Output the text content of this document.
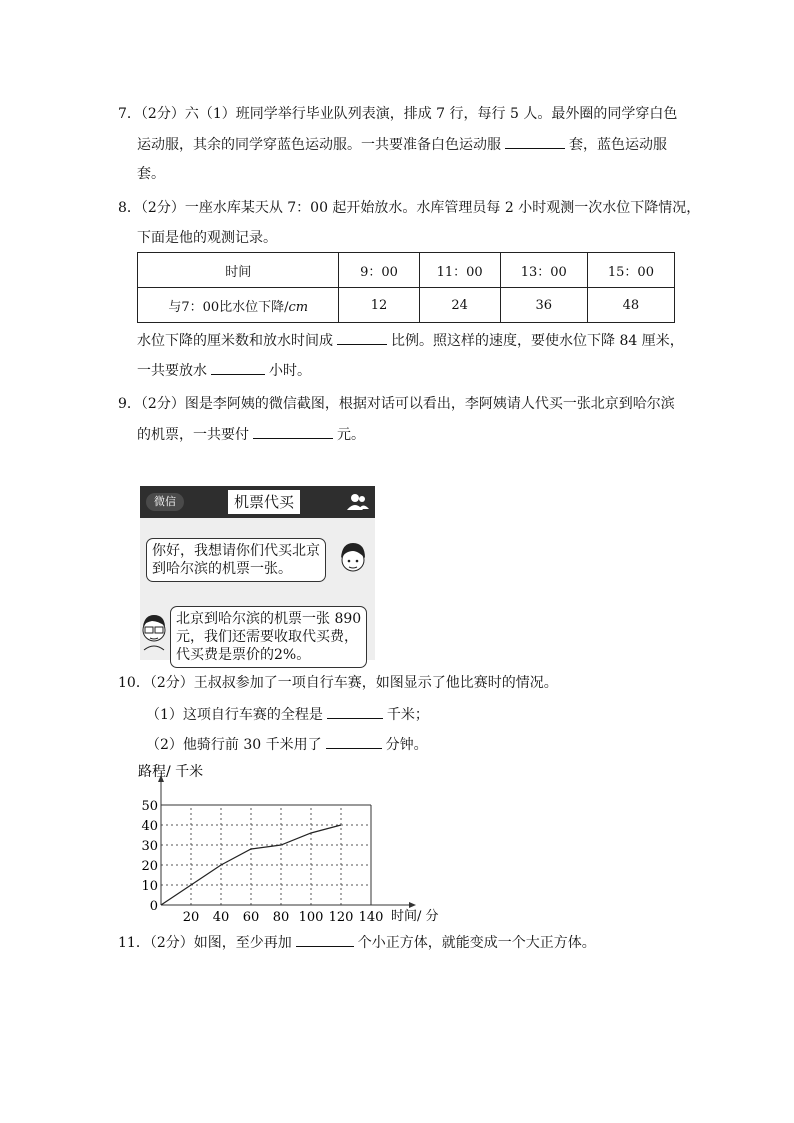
7．（2分）六（1）班同学举行毕业队列表演，排成 7 行，每行 5 人。最外圈的同学穿白色
运动服，其余的同学穿蓝色运动服。一共要准备白色运动服	套，蓝色运动服
套。
8．（2分）一座水库某天从 7：00 起开始放水。水库管理员每 2 小时观测一次水位下降情况，
下面是他的观测记录。
时间	9：00	11：00	13：00	15：00
与7：00比水位下降/cm	12	24	36	48
水位下降的厘米数和放水时间成	比例。照这样的速度，要使水位下降 84 厘米，
一共要放水	小时。
9．（2分）图是李阿姨的微信截图，根据对话可以看出，李阿姨请人代买一张北京到哈尔滨
的机票，一共要付	元。
微信	机票代买
你好，我想请你们代买北京
到哈尔滨的机票一张。
北京到哈尔滨的机票一张 890
元，我们还需要收取代买费，
代买费是票价的2%。
10．（2分）王叔叔参加了一项自行车赛，如图显示了他比赛时的情况。
（1）这项自行车赛的全程是	千米；
（2）他骑行前 30 千米用了	分钟。
路程/ 千米
时间/ 分
20 40 60 80 100 120 140
0
10
20
30
40
50
11．（2分）如图，至少再加	个小正方体，就能变成一个大正方体。
